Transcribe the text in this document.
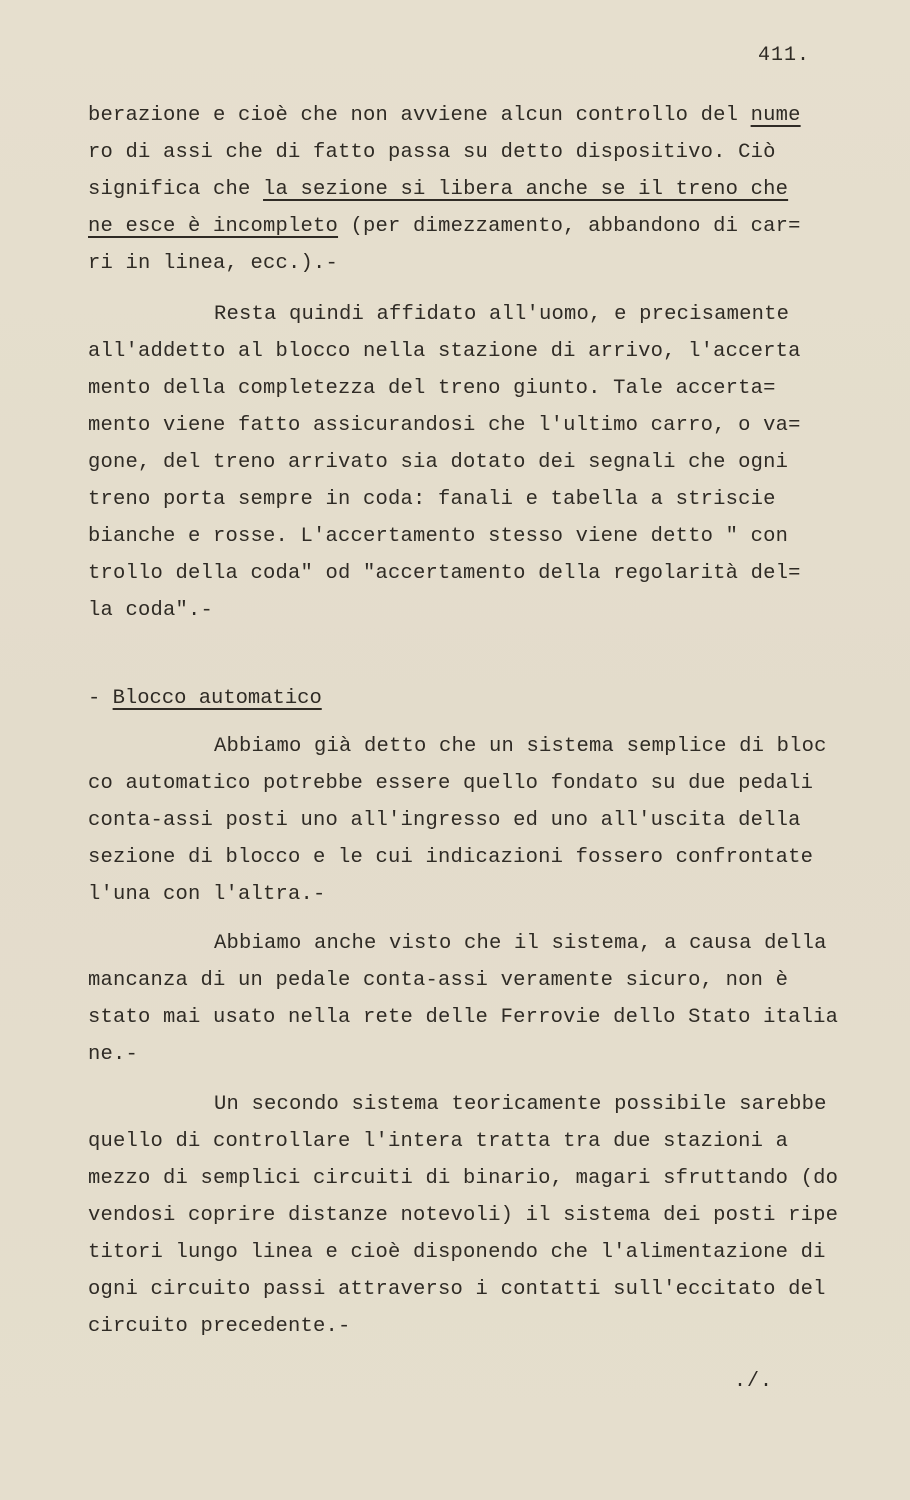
411.
berazione e cioè che non avviene alcun controllo del nume
ro di assi che di fatto passa su detto dispositivo. Ciò
significa che la sezione si libera anche se il treno che
ne esce è incompleto (per dimezzamento, abbandono di car=
ri in linea, ecc.).-
Resta quindi affidato all'uomo, e precisamente
all'addetto al blocco nella stazione di arrivo, l'accerta
mento della completezza del treno giunto. Tale accerta=
mento viene fatto assicurandosi che l'ultimo carro, o va=
gone, del treno arrivato sia dotato dei segnali che ogni
treno porta sempre in coda: fanali e tabella a striscie
bianche e rosse. L'accertamento stesso viene detto " con
trollo della coda" od "accertamento della regolarità del=
la coda".-
- Blocco automatico
Abbiamo già detto che un sistema semplice di bloc
co automatico potrebbe essere quello fondato su due pedali
conta-assi posti uno all'ingresso ed uno all'uscita della
sezione di blocco e le cui indicazioni fossero confrontate
l'una con l'altra.-
Abbiamo anche visto che il sistema, a causa della
mancanza di un pedale conta-assi veramente sicuro, non è
stato mai usato nella rete delle Ferrovie dello Stato italia
ne.-
Un secondo sistema teoricamente possibile sarebbe
quello di controllare l'intera tratta tra due stazioni a
mezzo di semplici circuiti di binario, magari sfruttando (do
vendosi coprire distanze notevoli) il sistema dei posti ripe
titori lungo linea e cioè disponendo che l'alimentazione di
ogni circuito passi attraverso i contatti sull'eccitato del
circuito precedente.-
./.
